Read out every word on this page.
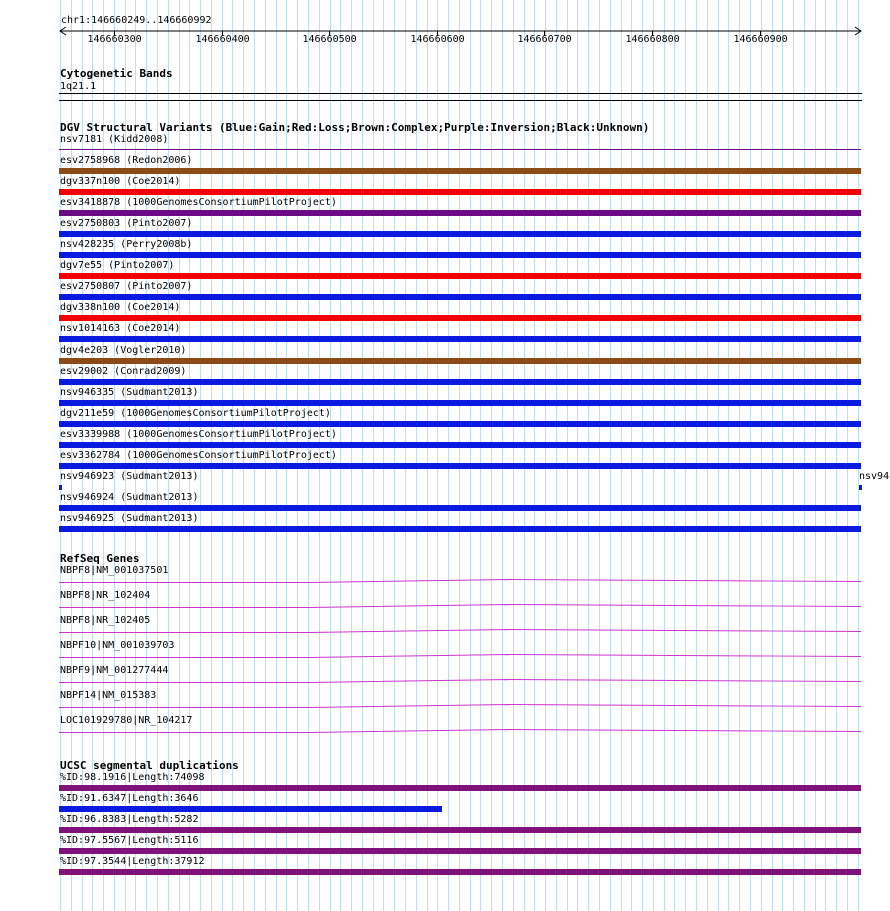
chr1:146660249..146660992
146660300	146660400	146660500	146660600	146660700	146660800	146660900
Cytogenetic Bands
1q21.1
DGV Structural Variants (Blue:Gain;Red:Loss;Brown:Complex;Purple:Inversion;Black:Unknown)
nsv7181 (Kidd2008)
esv2758968 (Redon2006)
dgv337n100 (Coe2014)
esv3418878 (1000GenomesConsortiumPilotProject)
esv2750803 (Pinto2007)
nsv428235 (Perry2008b)
dgv7e55 (Pinto2007)
esv2750807 (Pinto2007)
dgv338n100 (Coe2014)
nsv1014163 (Coe2014)
dgv4e203 (Vogler2010)
esv29002 (Conrad2009)
nsv946335 (Sudmant2013)
dgv211e59 (1000GenomesConsortiumPilotProject)
esv3339988 (1000GenomesConsortiumPilotProject)
esv3362784 (1000GenomesConsortiumPilotProject)
nsv946923 (Sudmant2013)	nsv94
nsv946924 (Sudmant2013)
nsv946925 (Sudmant2013)
RefSeq Genes
NBPF8|NM_001037501
NBPF8|NR_102404
NBPF8|NR_102405
NBPF10|NM_001039703
NBPF9|NM_001277444
NBPF14|NM_015383
LOC101929780|NR_104217
UCSC segmental duplications
%ID:98.1916|Length:74098
%ID:91.6347|Length:3646
%ID:96.8383|Length:5282
%ID:97.5567|Length:5116
%ID:97.3544|Length:37912
